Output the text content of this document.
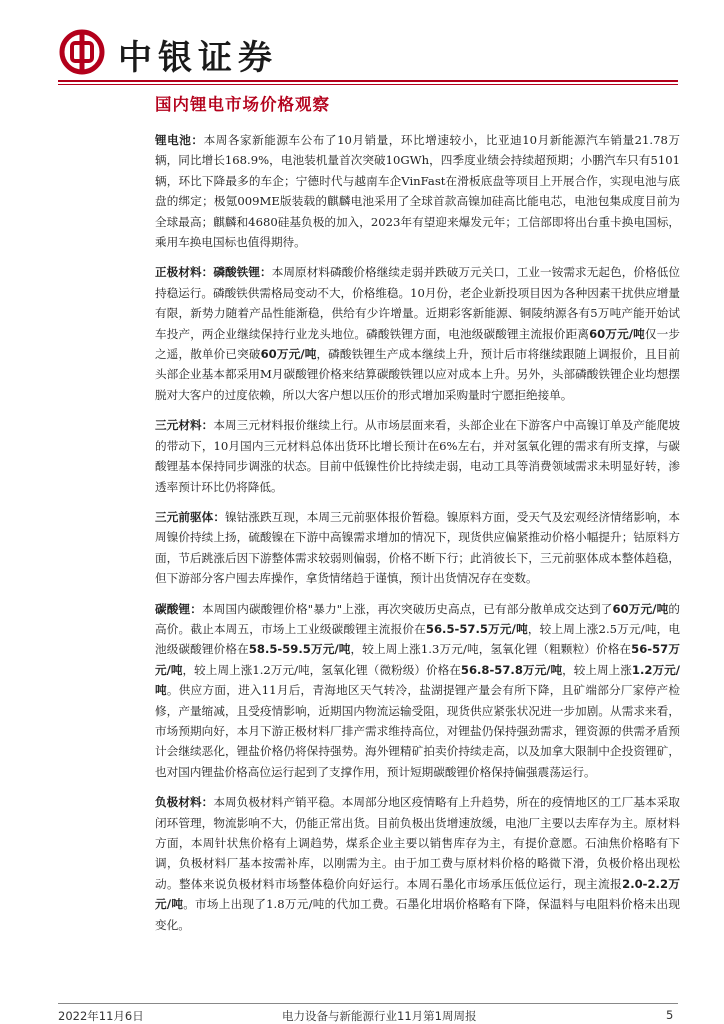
中银证券
国内锂电市场价格观察

锂电池：本周各家新能源车公布了10月销量，环比增速较小，比亚迪10月新能源汽车销量21.78万辆，同比增长168.9%，电池装机量首次突破10GWh，四季度业绩会持续超预期；小鹏汽车只有5101辆，环比下降最多的车企；宁德时代与越南车企VinFast在滑板底盘等项目上开展合作，实现电池与底盘的绑定；极氪009ME版装载的麒麟电池采用了全球首款高镍加硅高比能电芯，电池包集成度目前为全球最高；麒麟和4680硅基负极的加入，2023年有望迎来爆发元年；工信部即将出台重卡换电国标，乘用车换电国标也值得期待。

正极材料：磷酸铁锂：本周原材料磷酸价格继续走弱并跌破万元关口，工业一铵需求无起色，价格低位持稳运行。磷酸铁供需格局变动不大，价格维稳。10月份，老企业新投项目因为各种因素干扰供应增量有限，新势力随着产品性能渐稳，供给有少许增量。近期彩客新能源、铜陵纳源各有5万吨产能开始试车投产，两企业继续保持行业龙头地位。磷酸铁锂方面，电池级碳酸锂主流报价距离60万元/吨仅一步之遥，散单价已突破60万元/吨，磷酸铁锂生产成本继续上升，预计后市将继续跟随上调报价，且目前头部企业基本都采用M月碳酸锂价格来结算碳酸铁锂以应对成本上升。另外，头部磷酸铁锂企业均想摆脱对大客户的过度依赖，所以大客户想以压价的形式增加采购量时宁愿拒绝接单。

三元材料：本周三元材料报价继续上行。从市场层面来看，头部企业在下游客户中高镍订单及产能爬坡的带动下，10月国内三元材料总体出货环比增长预计在6%左右，并对氢氧化锂的需求有所支撑，与碳酸锂基本保持同步调涨的状态。目前中低镍性价比持续走弱，电动工具等消费领域需求未明显好转，渗透率预计环比仍将降低。

三元前驱体：镍钴涨跌互现，本周三元前驱体报价暂稳。镍原料方面，受天气及宏观经济情绪影响，本周镍价持续上扬，硫酸镍在下游中高镍需求增加的情况下，现货供应偏紧推动价格小幅提升；钴原料方面，节后跳涨后因下游整体需求较弱则偏弱，价格不断下行；此消彼长下，三元前驱体成本整体趋稳，但下游部分客户囤去库操作，拿货情绪趋于谨慎，预计出货情况存在变数。

碳酸锂：本周国内碳酸锂价格"暴力"上涨，再次突破历史高点，已有部分散单成交达到了60万元/吨的高价。截止本周五，市场上工业级碳酸锂主流报价在56.5-57.5万元/吨，较上周上涨2.5万元/吨，电池级碳酸锂价格在58.5-59.5万元/吨，较上周上涨1.3万元/吨，氢氧化锂（粗颗粒）价格在56-57万元/吨，较上周上涨1.2万元/吨，氢氧化锂（微粉级）价格在56.8-57.8万元/吨，较上周上涨1.2万元/吨。供应方面，进入11月后，青海地区天气转冷，盐湖提锂产量会有所下降，且矿端部分厂家停产检修，产量缩减，且受疫情影响，近期国内物流运输受阻，现货供应紧张状况进一步加剧。从需求来看，市场预期向好，本月下游正极材料厂排产需求维持高位，对锂盐仍保持强劲需求，锂资源的供需矛盾预计会继续恶化，锂盐价格仍将保持强势。海外锂精矿拍卖价持续走高，以及加拿大限制中企投资锂矿，也对国内锂盐价格高位运行起到了支撑作用，预计短期碳酸锂价格保持偏强震荡运行。

负极材料：本周负极材料产销平稳。本周部分地区疫情略有上升趋势，所在的疫情地区的工厂基本采取闭环管理，物流影响不大，仍能正常出货。目前负极出货增速放缓，电池厂主要以去库存为主。原材料方面，本周针状焦价格有上调趋势，煤系企业主要以销售库存为主，有提价意愿。石油焦价格略有下调，负极材料厂基本按需补库，以刚需为主。由于加工费与原材料价格的略微下滑，负极价格出现松动。整体来说负极材料市场整体稳价向好运行。本周石墨化市场承压低位运行，现主流报2.0-2.2万元/吨。市场上出现了1.8万元/吨的代加工费。石墨化坩埚价格略有下降，保温料与电阻料价格未出现变化。

2022年11月6日	电力设备与新能源行业11月第1周周报	5
